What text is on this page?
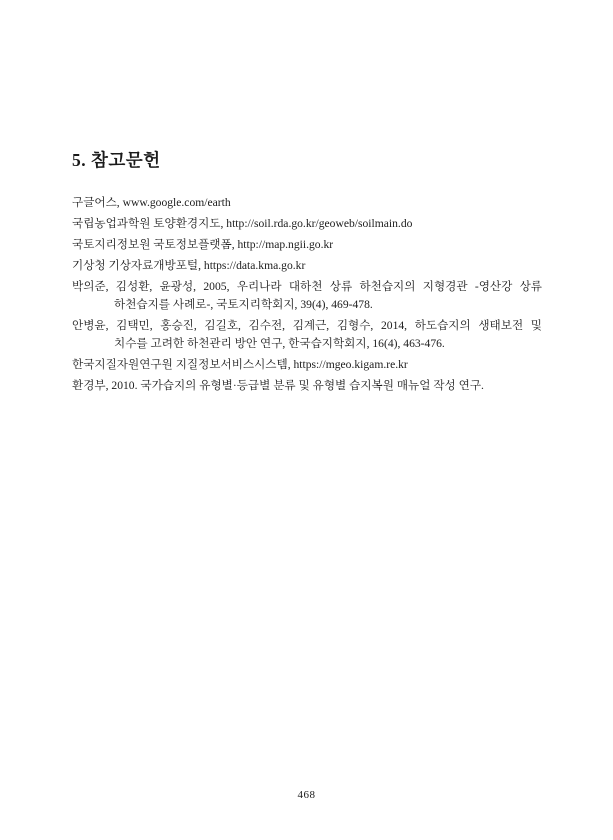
5. 참고문헌
구글어스, www.google.com/earth
국립농업과학원 토양환경지도, http://soil.rda.go.kr/geoweb/soilmain.do
국토지리정보원 국토정보플랫폼, http://map.ngii.go.kr
기상청 기상자료개방포털, https://data.kma.go.kr
박의준, 김성환, 윤광성, 2005, 우리나라 대하천 상류 하천습지의 지형경관 -영산강 상류
하천습지를 사례로-, 국토지리학회지, 39(4), 469-478.
안병윤, 김택민, 홍승진, 김길호, 김수전, 김계근, 김형수, 2014, 하도습지의 생태보전 및
치수를 고려한 하천관리 방안 연구, 한국습지학회지, 16(4), 463-476.
한국지질자원연구원 지질정보서비스시스템, https://mgeo.kigam.re.kr
환경부, 2010. 국가습지의 유형별·등급별 분류 및 유형별 습지복원 매뉴얼 작성 연구.
468
